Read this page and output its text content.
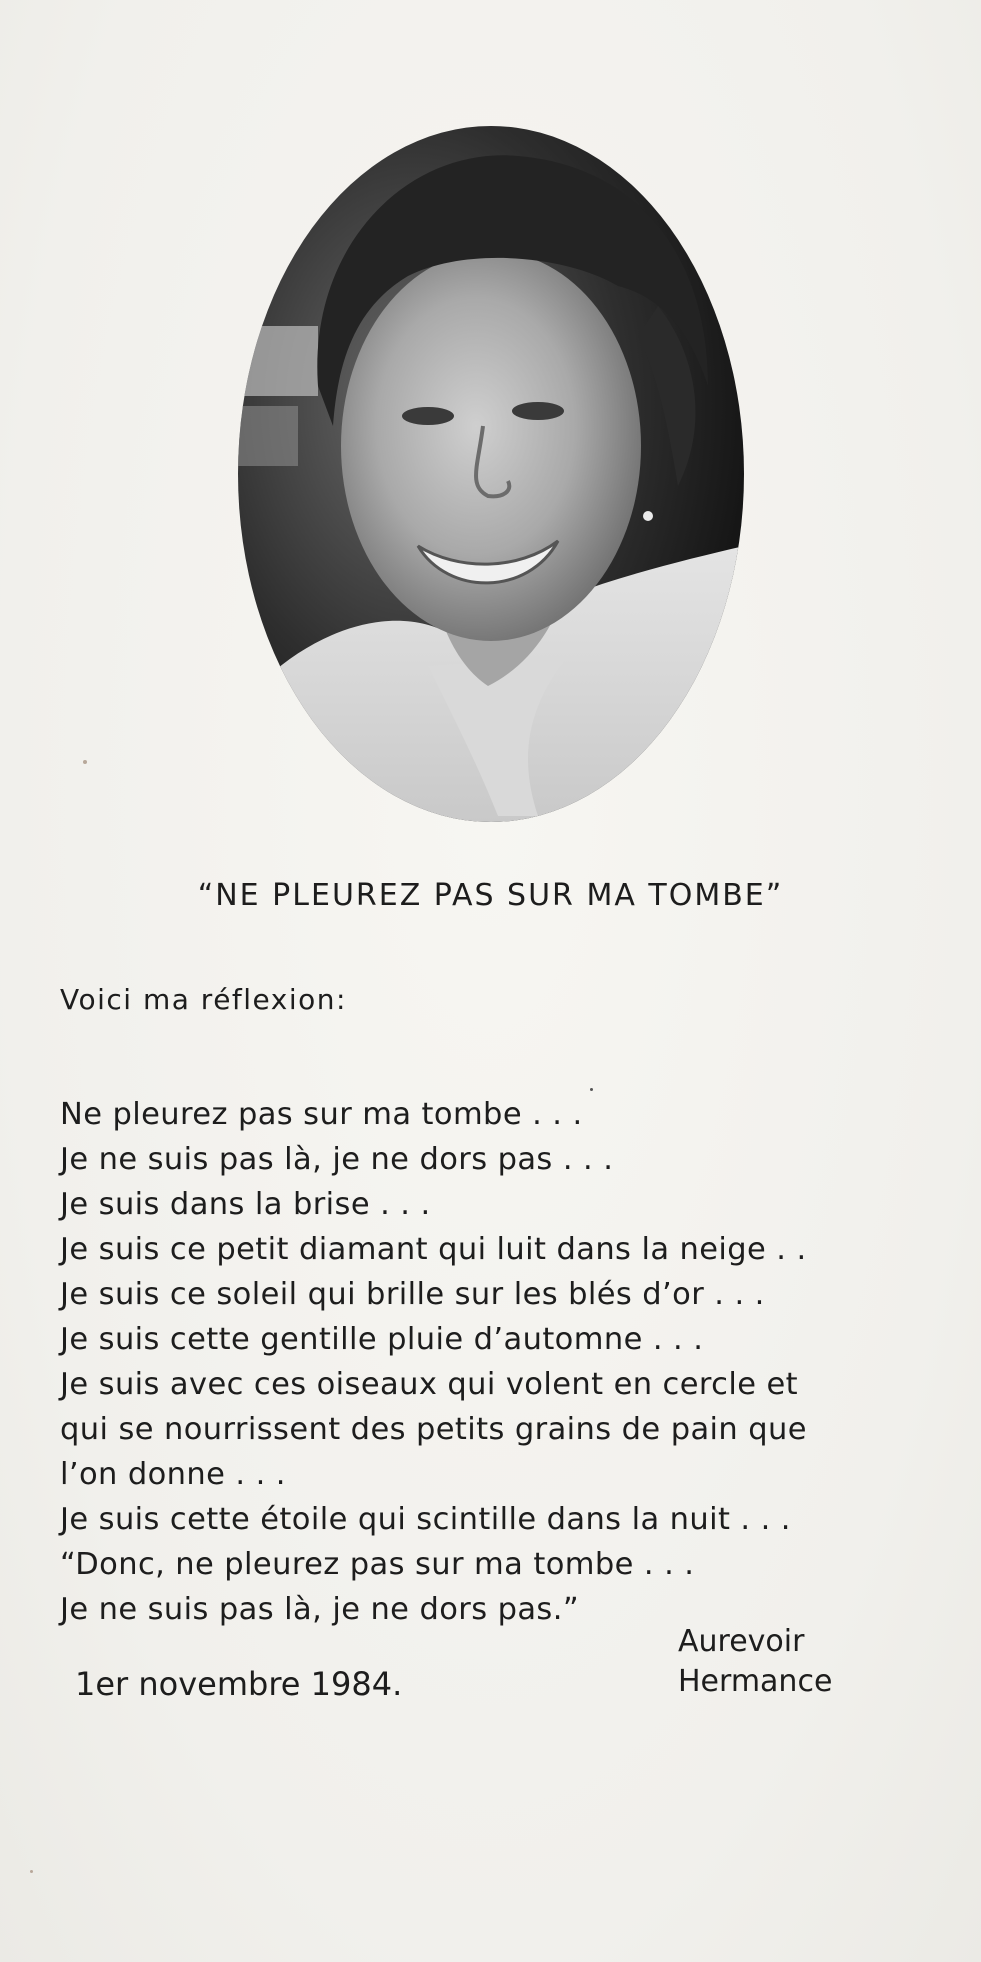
“NE PLEUREZ PAS SUR MA TOMBE”
Voici ma réflexion:
Ne pleurez pas sur ma tombe . . .
Je ne suis pas là, je ne dors pas . . .
Je suis dans la brise . . .
Je suis ce petit diamant qui luit dans la neige . .
Je suis ce soleil qui brille sur les blés d’or . . .
Je suis cette gentille pluie d’automne . . .
Je suis avec ces oiseaux qui volent en cercle et
qui se nourrissent des petits grains de pain que
l’on donne . . .
Je suis cette étoile qui scintille dans la nuit . . .
“Donc, ne pleurez pas sur ma tombe . . .
Je ne suis pas là, je ne dors pas.”
1er novembre 1984.
Aurevoir
Hermance
